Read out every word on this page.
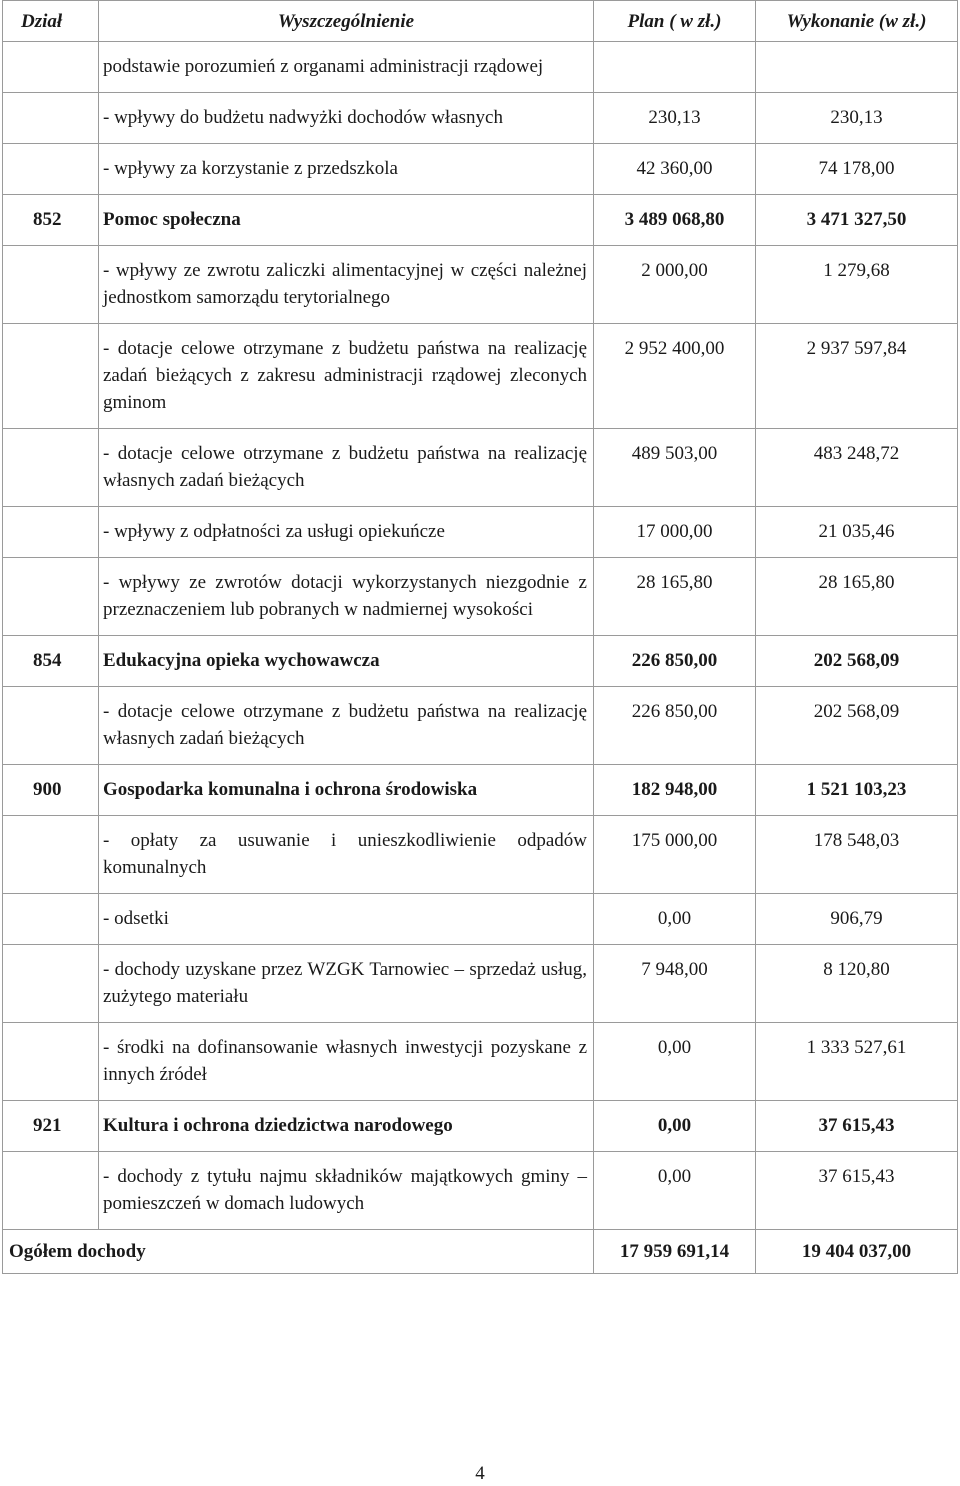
Dział	Wyszczególnienie	Plan ( w zł.)	Wykonanie (w zł.)
	podstawie porozumień z organami administracji rządowej		
	- wpływy do budżetu nadwyżki dochodów własnych	230,13	230,13
	- wpływy za korzystanie z przedszkola	42 360,00	74 178,00
852	Pomoc społeczna	3 489 068,80	3 471 327,50
	- wpływy ze zwrotu zaliczki alimentacyjnej w części należnej jednostkom samorządu terytorialnego	2 000,00	1 279,68
	- dotacje celowe otrzymane z budżetu państwa na realizację zadań bieżących z zakresu administracji rządowej zleconych gminom	2 952 400,00	2 937 597,84
	- dotacje celowe otrzymane z budżetu państwa na realizację własnych zadań bieżących	489 503,00	483 248,72
	- wpływy z odpłatności za usługi opiekuńcze	17 000,00	21 035,46
	- wpływy ze zwrotów dotacji wykorzystanych niezgodnie z przeznaczeniem lub pobranych w nadmiernej wysokości	28 165,80	28 165,80
854	Edukacyjna opieka wychowawcza	226 850,00	202 568,09
	- dotacje celowe otrzymane z budżetu państwa na realizację własnych zadań bieżących	226 850,00	202 568,09
900	Gospodarka komunalna i ochrona środowiska	182 948,00	1 521 103,23
	- opłaty za usuwanie i unieszkodliwienie odpadów komunalnych	175 000,00	178 548,03
	- odsetki	0,00	906,79
	- dochody uzyskane przez WZGK Tarnowiec – sprzedaż usług, zużytego materiału	7 948,00	8 120,80
	- środki na dofinansowanie własnych inwestycji pozyskane z innych źródeł	0,00	1 333 527,61
921	Kultura i ochrona dziedzictwa narodowego	0,00	37 615,43
	- dochody z tytułu najmu składników majątkowych gminy – pomieszczeń w domach ludowych	0,00	37 615,43
Ogółem dochody		17 959 691,14	19 404 037,00
4
